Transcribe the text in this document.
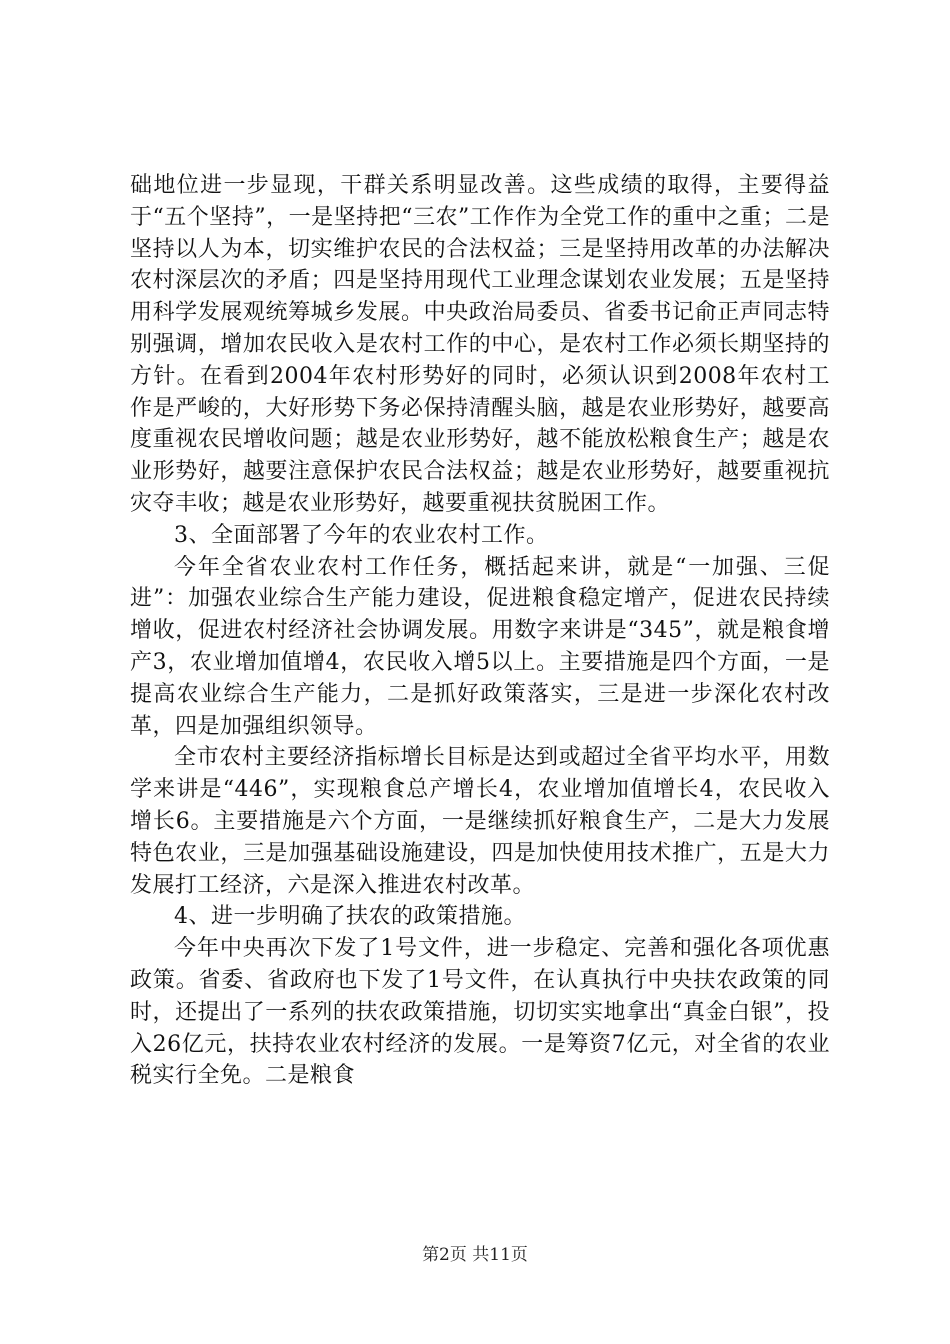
础地位进一步显现，干群关系明显改善。这些成绩的取得，主要得益于“五个坚持”，一是坚持把“三农”工作作为全党工作的重中之重；二是坚持以人为本，切实维护农民的合法权益；三是坚持用改革的办法解决农村深层次的矛盾；四是坚持用现代工业理念谋划农业发展；五是坚持用科学发展观统筹城乡发展。中央政治局委员、省委书记俞正声同志特别强调，增加农民收入是农村工作的中心，是农村工作必须长期坚持的方针。在看到2004年农村形势好的同时，必须认识到2008年农村工作是严峻的，大好形势下务必保持清醒头脑，越是农业形势好，越要高度重视农民增收问题；越是农业形势好，越不能放松粮食生产；越是农业形势好，越要注意保护农民合法权益；越是农业形势好，越要重视抗灾夺丰收；越是农业形势好，越要重视扶贫脱困工作。

3、全面部署了今年的农业农村工作。

今年全省农业农村工作任务，概括起来讲，就是“一加强、三促进”：加强农业综合生产能力建设，促进粮食稳定增产，促进农民持续增收，促进农村经济社会协调发展。用数字来讲是“345”，就是粮食增产3，农业增加值增4，农民收入增5以上。主要措施是四个方面，一是提高农业综合生产能力，二是抓好政策落实，三是进一步深化农村改革，四是加强组织领导。

全市农村主要经济指标增长目标是达到或超过全省平均水平，用数学来讲是“446”，实现粮食总产增长4，农业增加值增长4，农民收入增长6。主要措施是六个方面，一是继续抓好粮食生产，二是大力发展特色农业，三是加强基础设施建设，四是加快使用技术推广，五是大力发展打工经济，六是深入推进农村改革。

4、进一步明确了扶农的政策措施。

今年中央再次下发了1号文件，进一步稳定、完善和强化各项优惠政策。省委、省政府也下发了1号文件，在认真执行中央扶农政策的同时，还提出了一系列的扶农政策措施，切切实实地拿出“真金白银”，投入26亿元，扶持农业农村经济的发展。一是筹资7亿元，对全省的农业税实行全免。二是粮食

第2页 共11页
